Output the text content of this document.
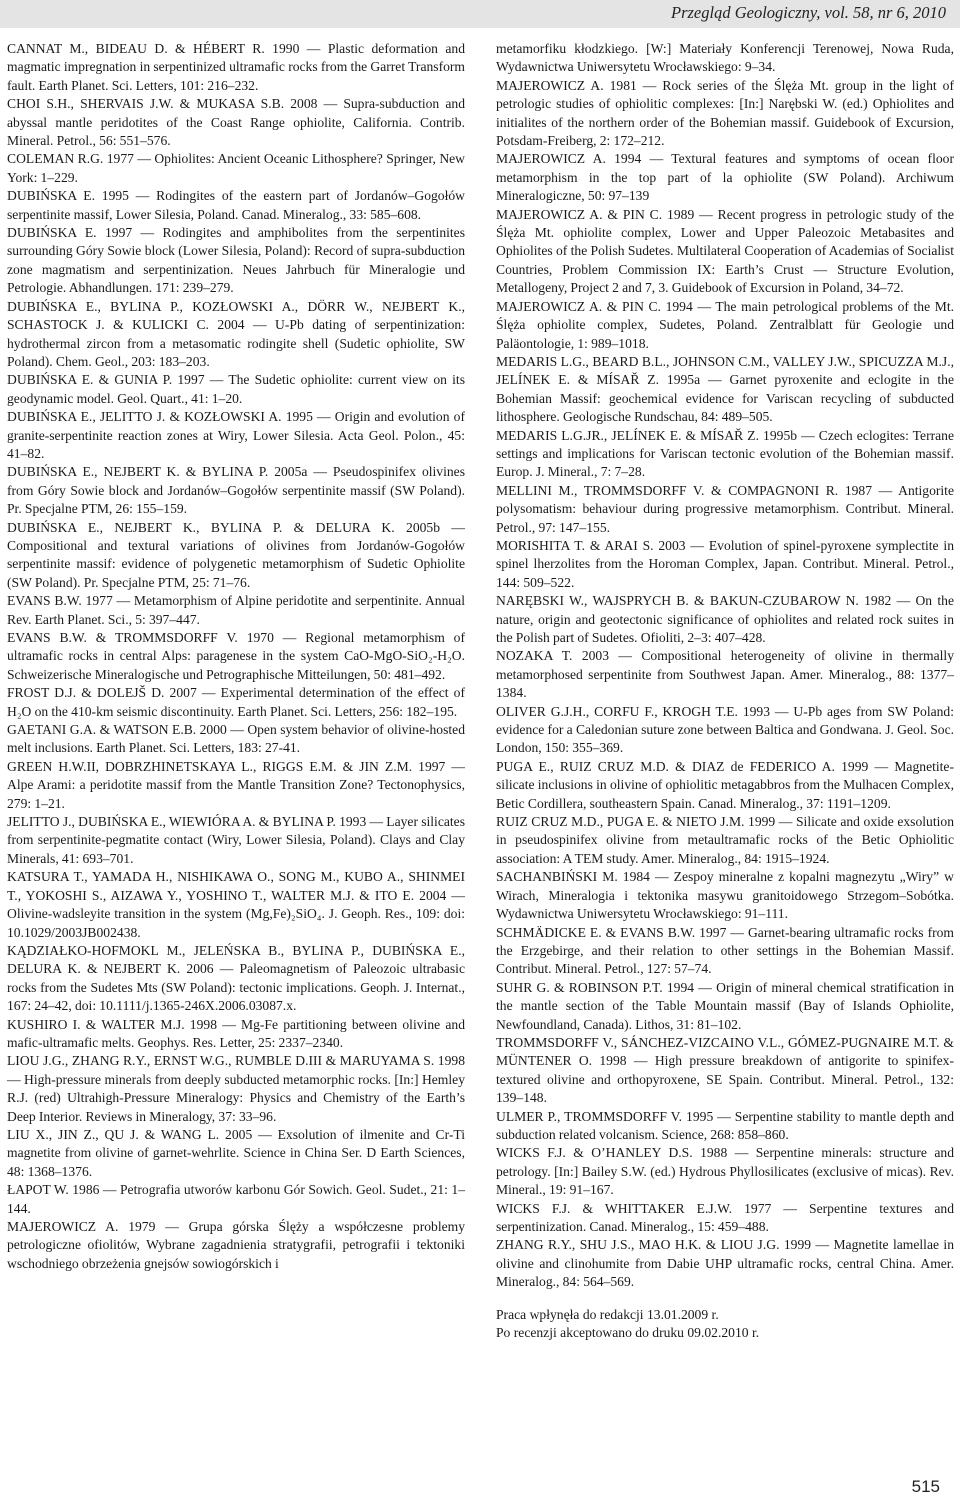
Przegląd Geologiczny, vol. 58, nr 6, 2010

CANNAT M., BIDEAU D. & HÉBERT R. 1990 — Plastic deformation and magmatic impregnation in serpentinized ultramafic rocks from the Garret Transform fault. Earth Planet. Sci. Letters, 101: 216–232.

CHOI S.H., SHERVAIS J.W. & MUKASA S.B. 2008 — Supra-subduction and abyssal mantle peridotites of the Coast Range ophiolite, California. Contrib. Mineral. Petrol., 56: 551–576.

COLEMAN R.G. 1977 — Ophiolites: Ancient Oceanic Lithosphere? Springer, New York: 1–229.

DUBIŃSKA E. 1995 — Rodingites of the eastern part of Jordanów–Gogołów serpentinite massif, Lower Silesia, Poland. Canad. Mineralog., 33: 585–608.

DUBIŃSKA E. 1997 — Rodingites and amphibolites from the serpentinites surrounding Góry Sowie block (Lower Silesia, Poland): Record of supra-subduction zone magmatism and serpentinization. Neues Jahrbuch für Mineralogie und Petrologie. Abhandlungen. 171: 239–279.

DUBIŃSKA E., BYLINA P., KOZŁOWSKI A., DÖRR W., NEJBERT K., SCHASTOCK J. & KULICKI C. 2004 — U-Pb dating of serpentinization: hydrothermal zircon from a metasomatic rodingite shell (Sudetic ophiolite, SW Poland). Chem. Geol., 203: 183–203.

DUBIŃSKA E. & GUNIA P. 1997 — The Sudetic ophiolite: current view on its geodynamic model. Geol. Quart., 41: 1–20.

DUBIŃSKA E., JELITTO J. & KOZŁOWSKI A. 1995 — Origin and evolution of granite-serpentinite reaction zones at Wiry, Lower Silesia. Acta Geol. Polon., 45: 41–82.

DUBIŃSKA E., NEJBERT K. & BYLINA P. 2005a — Pseudospinifex olivines from Góry Sowie block and Jordanów–Gogołów serpentinite massif (SW Poland). Pr. Specjalne PTM, 26: 155–159.

DUBIŃSKA E., NEJBERT K., BYLINA P. & DELURA K. 2005b — Compositional and textural variations of olivines from Jordanów-Gogołów serpentinite massif: evidence of polygenetic metamorphism of Sudetic Ophiolite (SW Poland). Pr. Specjalne PTM, 25: 71–76.

EVANS B.W. 1977 — Metamorphism of Alpine peridotite and serpentinite. Annual Rev. Earth Planet. Sci., 5: 397–447.

EVANS B.W. & TROMMSDORFF V. 1970 — Regional metamorphism of ultramafic rocks in central Alps: paragenese in the system CaO-MgO-SiO₂-H₂O. Schweizerische Mineralogische und Petrographische Mitteilungen, 50: 481–492.

FROST D.J. & DOLEJŠ D. 2007 — Experimental determination of the effect of H₂O on the 410-km seismic discontinuity. Earth Planet. Sci. Letters, 256: 182–195.

GAETANI G.A. & WATSON E.B. 2000 — Open system behavior of olivine-hosted melt inclusions. Earth Planet. Sci. Letters, 183: 27-41.

GREEN H.W.II, DOBRZHINETSKAYA L., RIGGS E.M. & JIN Z.M. 1997 — Alpe Arami: a peridotite massif from the Mantle Transition Zone? Tectonophysics, 279: 1–21.

JELITTO J., DUBIŃSKA E., WIEWIÓRA A. & BYLINA P. 1993 — Layer silicates from serpentinite-pegmatite contact (Wiry, Lower Silesia, Poland). Clays and Clay Minerals, 41: 693–701.

KATSURA T., YAMADA H., NISHIKAWA O., SONG M., KUBO A., SHINMEI T., YOKOSHI S., AIZAWA Y., YOSHINO T., WALTER M.J. & ITO E. 2004 — Olivine-wadsleyite transition in the system (Mg,Fe)₂SiO₄. J. Geoph. Res., 109: doi: 10.1029/2003JB002438.

KĄDZIAŁKO-HOFMOKL M., JELEŃSKA B., BYLINA P., DUBIŃSKA E., DELURA K. & NEJBERT K. 2006 — Paleomagnetism of Paleozoic ultrabasic rocks from the Sudetes Mts (SW Poland): tectonic implications. Geoph. J. Internat., 167: 24–42, doi: 10.1111/j.1365-246X.2006.03087.x.

KUSHIRO I. & WALTER M.J. 1998 — Mg-Fe partitioning between olivine and mafic-ultramafic melts. Geophys. Res. Letter, 25: 2337–2340.

LIOU J.G., ZHANG R.Y., ERNST W.G., RUMBLE D.III & MARUYAMA S. 1998 — High-pressure minerals from deeply subducted metamorphic rocks. [In:] Hemley R.J. (red) Ultrahigh-Pressure Mineralogy: Physics and Chemistry of the Earth’s Deep Interior. Reviews in Mineralogy, 37: 33–96.

LIU X., JIN Z., QU J. & WANG L. 2005 — Exsolution of ilmenite and Cr-Ti magnetite from olivine of garnet-wehrlite. Science in China Ser. D Earth Sciences, 48: 1368–1376.

ŁAPOT W. 1986 — Petrografia utworów karbonu Gór Sowich. Geol. Sudet., 21: 1–144.

MAJEROWICZ A. 1979 — Grupa górska Ślęży a współczesne problemy petrologicznе ofiolitów, Wybrane zagadnienia stratygrafii, petrografii i tektoniki wschodniego obrzeżenia gnejsów sowiogórskich i

metamorfiku kłodzkiego. [W:] Materiały Konferencji Terenowej, Nowa Ruda, Wydawnictwa Uniwersytetu Wrocławskiego: 9–34.

MAJEROWICZ A. 1981 — Rock series of the Ślęża Mt. group in the light of petrologic studies of ophiolitic complexes: [In:] Narębski W. (ed.) Ophiolites and initialites of the northern order of the Bohemian massif. Guidebook of Excursion, Potsdam-Freiberg, 2: 172–212.

MAJEROWICZ A. 1994 — Textural features and symptoms of ocean floor metamorphism in the top part of la ophiolite (SW Poland). Archiwum Mineralogiczne, 50: 97–139

MAJEROWICZ A. & PIN C. 1989 — Recent progress in petrologic study of the Ślęża Mt. ophiolite complex, Lower and Upper Paleozoic Metabasites and Ophiolites of the Polish Sudetes. Multilateral Cooperation of Academias of Socialist Countries, Problem Commission IX: Earth’s Crust — Structure Evolution, Metallogeny, Project 2 and 7, 3. Guidebook of Excursion in Poland, 34–72.

MAJEROWICZ A. & PIN C. 1994 — The main petrological problems of the Mt. Ślęża ophiolite complex, Sudetes, Poland. Zentralblatt für Geologie und Paläontologie, 1: 989–1018.

MEDARIS L.G., BEARD B.L., JOHNSON C.M., VALLEY J.W., SPICUZZA M.J., JELÍNEK E. & MÍSAŘ Z. 1995a — Garnet pyroxenite and eclogite in the Bohemian Massif: geochemical evidence for Variscan recycling of subducted lithosphere. Geologische Rundschau, 84: 489–505.

MEDARIS L.G.JR., JELÍNEK E. & MÍSAŘ Z. 1995b — Czech eclogites: Terrane settings and implications for Variscan tectonic evolution of the Bohemian massif. Europ. J. Mineral., 7: 7–28.

MELLINI M., TROMMSDORFF V. & COMPAGNONI R. 1987 — Antigorite polysomatism: behaviour during progressive metamorphism. Contribut. Mineral. Petrol., 97: 147–155.

MORISHITA T. & ARAI S. 2003 — Evolution of spinel-pyroxene symplectite in spinel lherzolites from the Horoman Complex, Japan. Contribut. Mineral. Petrol., 144: 509–522.

NARĘBSKI W., WAJSPRYCH B. & BAKUN-CZUBAROW N. 1982 — On the nature, origin and geotectonic significance of ophiolites and related rock suites in the Polish part of Sudetes. Ofioliti, 2–3: 407–428.

NOZAKA T. 2003 — Compositional heterogeneity of olivine in thermally metamorphosed serpentinite from Southwest Japan. Amer. Mineralog., 88: 1377–1384.

OLIVER G.J.H., CORFU F., KROGH T.E. 1993 — U-Pb ages from SW Poland: evidence for a Caledonian suture zone between Baltica and Gondwana. J. Geol. Soc. London, 150: 355–369.

PUGA E., RUIZ CRUZ M.D. & DIAZ de FEDERICO A. 1999 — Magnetite-silicate inclusions in olivine of ophiolitic metagabbros from the Mulhacen Complex, Betic Cordillera, southeastern Spain. Canad. Mineralog., 37: 1191–1209.

RUIZ CRUZ M.D., PUGA E. & NIETO J.M. 1999 — Silicate and oxide exsolution in pseudospinifex olivine from metaultramafic rocks of the Betic Ophiolitic association: A TEM study. Amer. Mineralog., 84: 1915–1924.

SACHANBIŃSKI M. 1984 — Zespoy mineralne z kopalni magnezytu „Wiry” w Wirach, Mineralogia i tektonika masywu granitoidowego Strzegom–Sobótka. Wydawnictwa Uniwersytetu Wrocławskiego: 91–111.

SCHMÄDICKE E. & EVANS B.W. 1997 — Garnet-bearing ultramafic rocks from the Erzgebirge, and their relation to other settings in the Bohemian Massif. Contribut. Mineral. Petrol., 127: 57–74.

SUHR G. & ROBINSON P.T. 1994 — Origin of mineral chemical stratification in the mantle section of the Table Mountain massif (Bay of Islands Ophiolite, Newfoundland, Canada). Lithos, 31: 81–102.

TROMMSDORFF V., SÁNCHEZ-VIZCAINO V.L., GÓMEZ-PUGNAIRE M.T. & MÜNTENER O. 1998 — High pressure breakdown of antigorite to spinifex-textured olivine and orthopyroxene, SE Spain. Contribut. Mineral. Petrol., 132: 139–148.

ULMER P., TROMMSDORFF V. 1995 — Serpentine stability to mantle depth and subduction related volcanism. Science, 268: 858–860.

WICKS F.J. & O’HANLEY D.S. 1988 — Serpentine minerals: structure and petrology. [In:] Bailey S.W. (ed.) Hydrous Phyllosilicates (exclusive of micas). Rev. Mineral., 19: 91–167.

WICKS F.J. & WHITTAKER E.J.W. 1977 — Serpentine textures and serpentinization. Canad. Mineralog., 15: 459–488.

ZHANG R.Y., SHU J.S., MAO H.K. & LIOU J.G. 1999 — Magnetite lamellae in olivine and clinohumite from Dabie UHP ultramafic rocks, central China. Amer. Mineralog., 84: 564–569.

Praca wpłynęła do redakcji 13.01.2009 r.

Po recenzji akceptowano do druku 09.02.2010 r.

515
